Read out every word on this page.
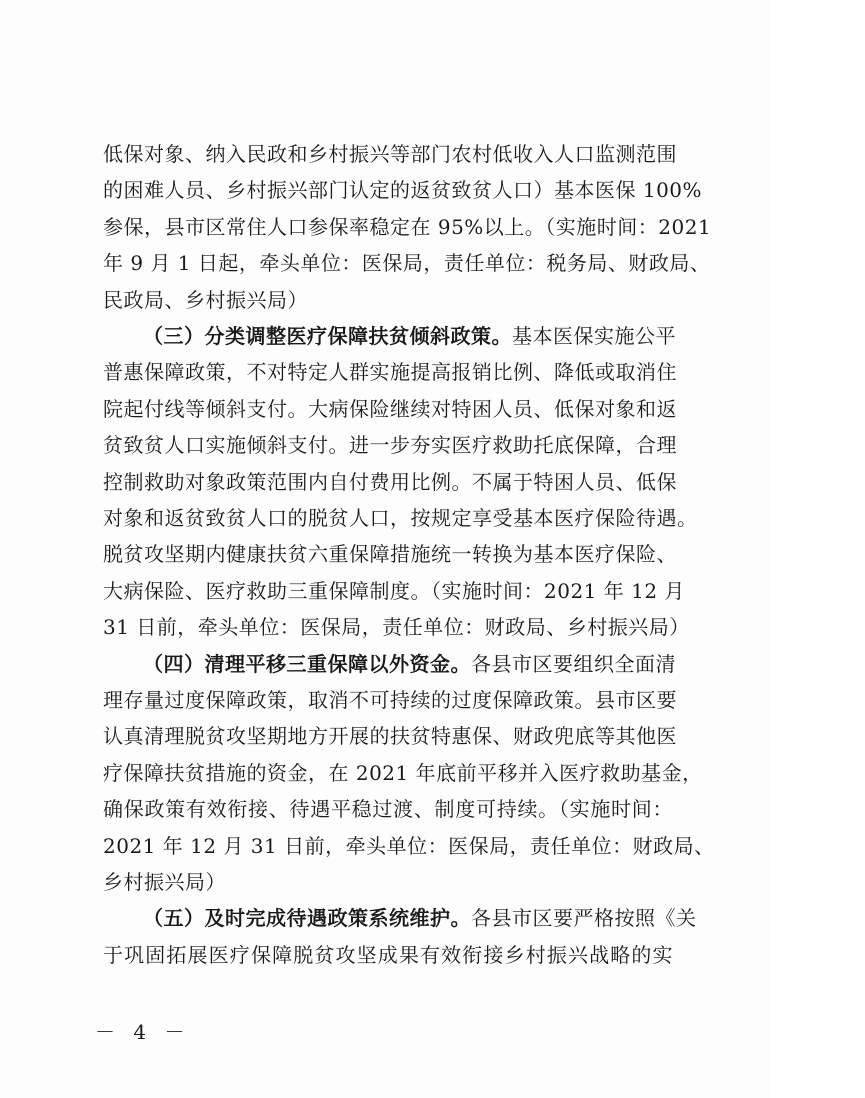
低保对象、纳入民政和乡村振兴等部门农村低收入人口监测范围
的困难人员、乡村振兴部门认定的返贫致贫人口）基本医保 100%
参保，县市区常住人口参保率稳定在 95%以上。（实施时间：2021
年 9 月 1 日起，牵头单位：医保局，责任单位：税务局、财政局、
民政局、乡村振兴局）
（三）分类调整医疗保障扶贫倾斜政策。基本医保实施公平
普惠保障政策，不对特定人群实施提高报销比例、降低或取消住
院起付线等倾斜支付。大病保险继续对特困人员、低保对象和返
贫致贫人口实施倾斜支付。进一步夯实医疗救助托底保障，合理
控制救助对象政策范围内自付费用比例。不属于特困人员、低保
对象和返贫致贫人口的脱贫人口，按规定享受基本医疗保险待遇。
脱贫攻坚期内健康扶贫六重保障措施统一转换为基本医疗保险、
大病保险、医疗救助三重保障制度。（实施时间：2021 年 12 月
31 日前，牵头单位：医保局，责任单位：财政局、乡村振兴局）
（四）清理平移三重保障以外资金。各县市区要组织全面清
理存量过度保障政策，取消不可持续的过度保障政策。县市区要
认真清理脱贫攻坚期地方开展的扶贫特惠保、财政兜底等其他医
疗保障扶贫措施的资金，在 2021 年底前平移并入医疗救助基金，
确保政策有效衔接、待遇平稳过渡、制度可持续。（实施时间：
2021 年 12 月 31 日前，牵头单位：医保局，责任单位：财政局、
乡村振兴局）
（五）及时完成待遇政策系统维护。各县市区要严格按照《关
于巩固拓展医疗保障脱贫攻坚成果有效衔接乡村振兴战略的实
－ 4 －
